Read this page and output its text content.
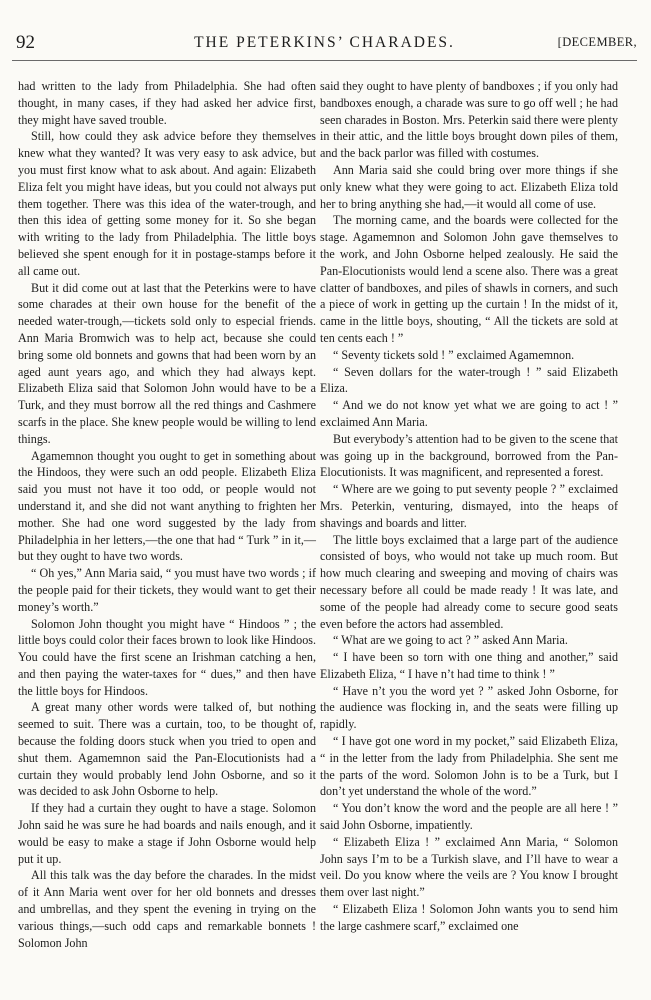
92	THE PETERKINS’ CHARADES.	[DECEMBER,

had written to the lady from Philadelphia. She had often thought, in many cases, if they had asked her advice first, they might have saved trouble.

Still, how could they ask advice before they themselves knew what they wanted? It was very easy to ask advice, but you must first know what to ask about. And again: Elizabeth Eliza felt you might have ideas, but you could not always put them together. There was this idea of the water-trough, and then this idea of getting some money for it. So she began with writing to the lady from Philadelphia. The little boys believed she spent enough for it in postage-stamps before it all came out.

But it did come out at last that the Peterkins were to have some charades at their own house for the benefit of the needed water-trough,—tickets sold only to especial friends. Ann Maria Bromwich was to help act, because she could bring some old bonnets and gowns that had been worn by an aged aunt years ago, and which they had always kept. Elizabeth Eliza said that Solomon John would have to be a Turk, and they must borrow all the red things and Cashmere scarfs in the place. She knew people would be willing to lend things.

Agamemnon thought you ought to get in something about the Hindoos, they were such an odd people. Elizabeth Eliza said you must not have it too odd, or people would not understand it, and she did not want anything to frighten her mother. She had one word suggested by the lady from Philadelphia in her letters,—the one that had “ Turk ” in it,—but they ought to have two words.

“ Oh yes,” Ann Maria said, “ you must have two words ; if the people paid for their tickets, they would want to get their money’s worth.”

Solomon John thought you might have “ Hindoos ” ; the little boys could color their faces brown to look like Hindoos. You could have the first scene an Irishman catching a hen, and then paying the water-taxes for “ dues,” and then have the little boys for Hindoos.

A great many other words were talked of, but nothing seemed to suit. There was a curtain, too, to be thought of, because the folding doors stuck when you tried to open and shut them. Agamemnon said the Pan-Elocutionists had a curtain they would probably lend John Osborne, and so it was decided to ask John Osborne to help.

If they had a curtain they ought to have a stage. Solomon John said he was sure he had boards and nails enough, and it would be easy to make a stage if John Osborne would help put it up.

All this talk was the day before the charades. In the midst of it Ann Maria went over for her old bonnets and dresses and umbrellas, and they spent the evening in trying on the various things,—such odd caps and remarkable bonnets ! Solomon John

said they ought to have plenty of bandboxes ; if you only had bandboxes enough, a charade was sure to go off well ; he had seen charades in Boston. Mrs. Peterkin said there were plenty in their attic, and the little boys brought down piles of them, and the back parlor was filled with costumes.

Ann Maria said she could bring over more things if she only knew what they were going to act. Elizabeth Eliza told her to bring anything she had,—it would all come of use.

The morning came, and the boards were collected for the stage. Agamemnon and Solomon John gave themselves to the work, and John Osborne helped zealously. He said the Pan-Elocutionists would lend a scene also. There was a great clatter of bandboxes, and piles of shawls in corners, and such a piece of work in getting up the curtain ! In the midst of it, came in the little boys, shouting, “ All the tickets are sold at ten cents each ! ”

“ Seventy tickets sold ! ” exclaimed Agamemnon.

“ Seven dollars for the water-trough ! ” said Elizabeth Eliza.

“ And we do not know yet what we are going to act ! ” exclaimed Ann Maria.

But everybody’s attention had to be given to the scene that was going up in the background, borrowed from the Pan-Elocutionists. It was magnificent, and represented a forest.

“ Where are we going to put seventy people ? ” exclaimed Mrs. Peterkin, venturing, dismayed, into the heaps of shavings and boards and litter.

The little boys exclaimed that a large part of the audience consisted of boys, who would not take up much room. But how much clearing and sweeping and moving of chairs was necessary before all could be made ready ! It was late, and some of the people had already come to secure good seats even before the actors had assembled.

“ What are we going to act ? ” asked Ann Maria.

“ I have been so torn with one thing and another,” said Elizabeth Eliza, “ I have n’t had time to think ! ”

“ Have n’t you the word yet ? ” asked John Osborne, for the audience was flocking in, and the seats were filling up rapidly.

“ I have got one word in my pocket,” said Elizabeth Eliza, “ in the letter from the lady from Philadelphia. She sent me the parts of the word. Solomon John is to be a Turk, but I don’t yet understand the whole of the word.”

“ You don’t know the word and the people are all here ! ” said John Osborne, impatiently.

“ Elizabeth Eliza ! ” exclaimed Ann Maria, “ Solomon John says I’m to be a Turkish slave, and I’ll have to wear a veil. Do you know where the veils are ? You know I brought them over last night.”

“ Elizabeth Eliza ! Solomon John wants you to send him the large cashmere scarf,” exclaimed one
